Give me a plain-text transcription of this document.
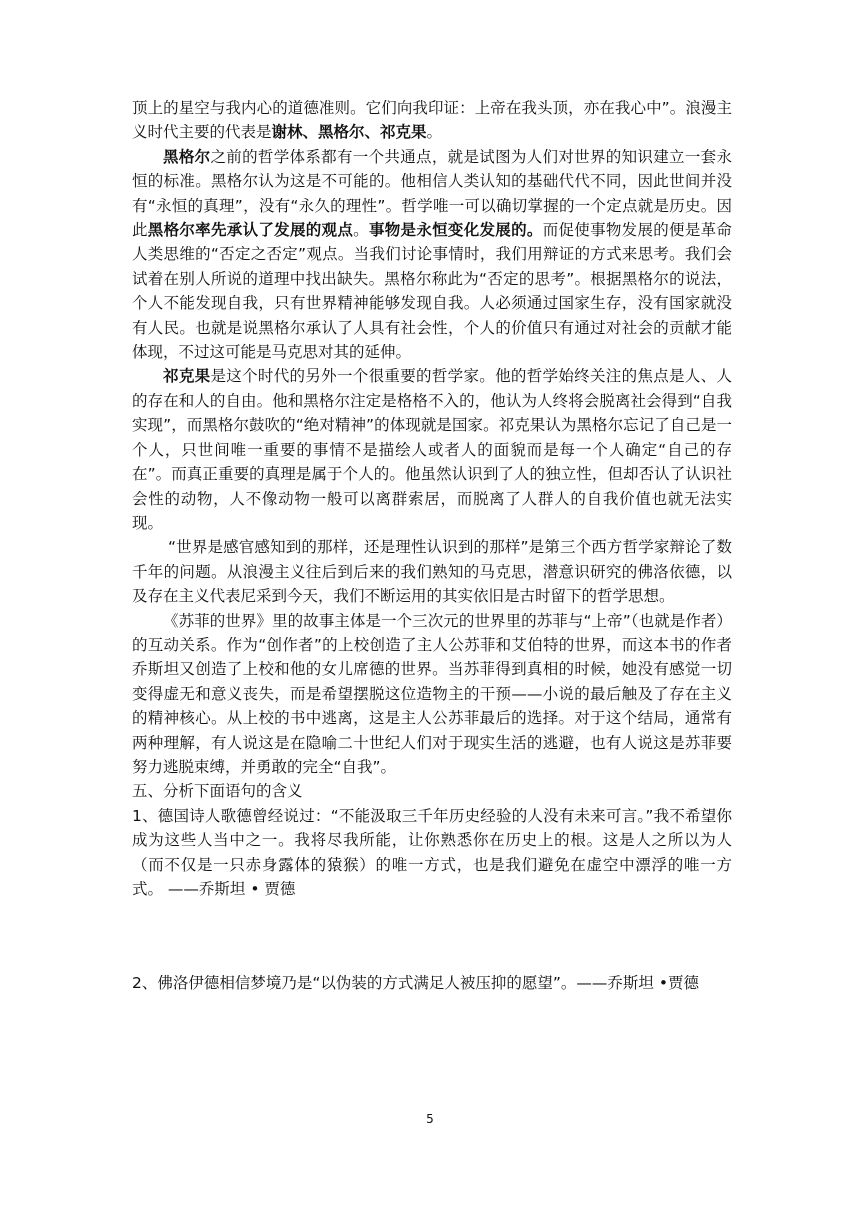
顶上的星空与我内心的道德准则。它们向我印证：上帝在我头顶，亦在我心中”。浪漫主义时代主要的代表是谢林、黑格尔、祁克果。

黑格尔之前的哲学体系都有一个共通点，就是试图为人们对世界的知识建立一套永恒的标准。黑格尔认为这是不可能的。他相信人类认知的基础代代不同，因此世间并没有“永恒的真理”，没有“永久的理性”。哲学唯一可以确切掌握的一个定点就是历史。因此黑格尔率先承认了发展的观点。事物是永恒变化发展的。而促使事物发展的便是革命人类思维的“否定之否定”观点。当我们讨论事情时，我们用辩证的方式来思考。我们会试着在别人所说的道理中找出缺失。黑格尔称此为“否定的思考”。根据黑格尔的说法，个人不能发现自我，只有世界精神能够发现自我。人必须通过国家生存，没有国家就没有人民。也就是说黑格尔承认了人具有社会性，个人的价值只有通过对社会的贡献才能体现，不过这可能是马克思对其的延伸。

祁克果是这个时代的另外一个很重要的哲学家。他的哲学始终关注的焦点是人、人的存在和人的自由。他和黑格尔注定是格格不入的，他认为人终将会脱离社会得到“自我实现”，而黑格尔鼓吹的“绝对精神”的体现就是国家。祁克果认为黑格尔忘记了自己是一个人，只世间唯一重要的事情不是描绘人或者人的面貌而是每一个人确定“自己的存在”。而真正重要的真理是属于个人的。他虽然认识到了人的独立性，但却否认了认识社会性的动物，人不像动物一般可以离群索居，而脱离了人群人的自我价值也就无法实现。

“世界是感官感知到的那样，还是理性认识到的那样”是第三个西方哲学家辩论了数千年的问题。从浪漫主义往后到后来的我们熟知的马克思，潜意识研究的佛洛依德，以及存在主义代表尼采到今天，我们不断运用的其实依旧是古时留下的哲学思想。

《苏菲的世界》里的故事主体是一个三次元的世界里的苏菲与“上帝”（也就是作者）的互动关系。作为“创作者”的上校创造了主人公苏菲和艾伯特的世界，而这本书的作者乔斯坦又创造了上校和他的女儿席德的世界。当苏菲得到真相的时候，她没有感觉一切变得虚无和意义丧失，而是希望摆脱这位造物主的干预——小说的最后触及了存在主义的精神核心。从上校的书中逃离，这是主人公苏菲最后的选择。对于这个结局，通常有两种理解，有人说这是在隐喻二十世纪人们对于现实生活的逃避，也有人说这是苏菲要努力逃脱束缚，并勇敢的完全“自我”。

五、分析下面语句的含义

1、德国诗人歌德曾经说过：“不能汲取三千年历史经验的人没有未来可言。”我不希望你成为这些人当中之一。我将尽我所能，让你熟悉你在历史上的根。这是人之所以为人（而不仅是一只赤身露体的猿猴）的唯一方式，也是我们避免在虚空中漂浮的唯一方式。 ——乔斯坦 • 贾德

2、佛洛伊德相信梦境乃是“以伪装的方式满足人被压抑的愿望”。——乔斯坦 •贾德

5
